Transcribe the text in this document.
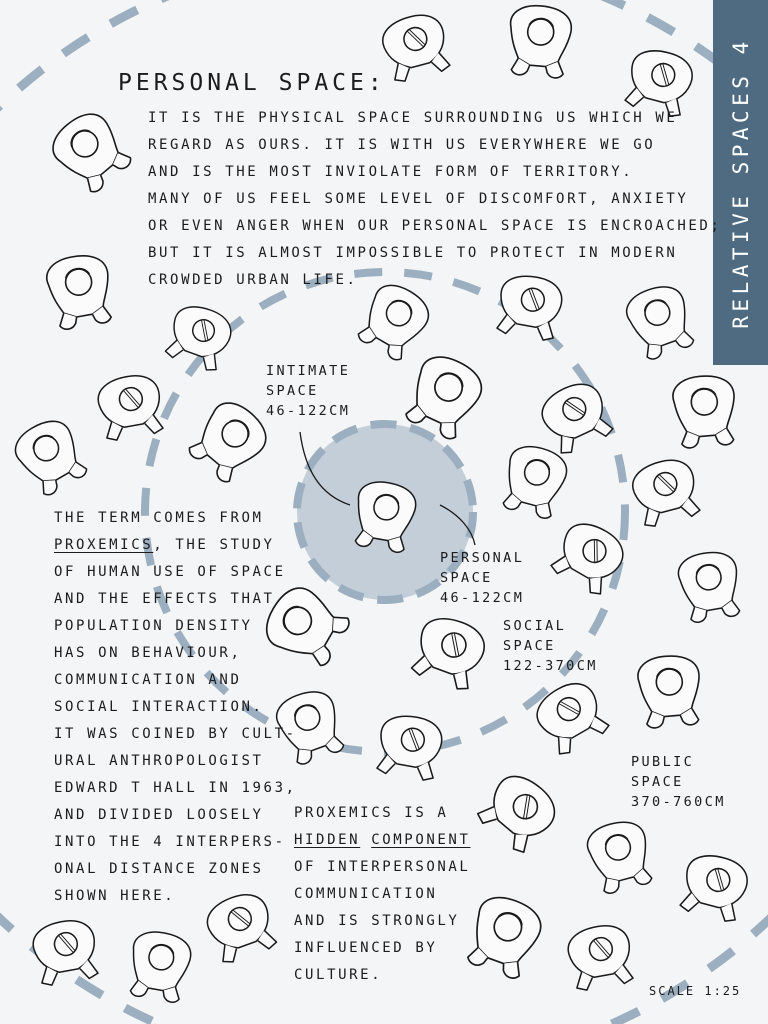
RELATIVE SPACES 4
PERSONAL SPACE:
IT IS THE PHYSICAL SPACE SURROUNDING US WHICH WE
REGARD AS OURS. IT IS WITH US EVERYWHERE WE GO
AND IS THE MOST INVIOLATE FORM OF TERRITORY.
MANY OF US FEEL SOME LEVEL OF DISCOMFORT, ANXIETY
OR EVEN ANGER WHEN OUR PERSONAL SPACE IS ENCROACHED;
BUT IT IS ALMOST IMPOSSIBLE TO PROTECT IN MODERN
CROWDED URBAN LIFE.
THE TERM COMES FROM
PROXEMICS, THE STUDY
OF HUMAN USE OF SPACE
AND THE EFFECTS THAT
POPULATION DENSITY
HAS ON BEHAVIOUR,
COMMUNICATION AND
SOCIAL INTERACTION.
IT WAS COINED BY CULT-
URAL ANTHROPOLOGIST
EDWARD T HALL IN 1963,
AND DIVIDED LOOSELY
INTO THE 4 INTERPERS-
ONAL DISTANCE ZONES
SHOWN HERE.
PROXEMICS IS A
HIDDEN COMPONENT
OF INTERPERSONAL
COMMUNICATION
AND IS STRONGLY
INFLUENCED BY
CULTURE.
INTIMATE
SPACE
46-122CM
PERSONAL
SPACE
46-122CM
SOCIAL
SPACE
122-370CM
PUBLIC
SPACE
370-760CM
SCALE 1:25
